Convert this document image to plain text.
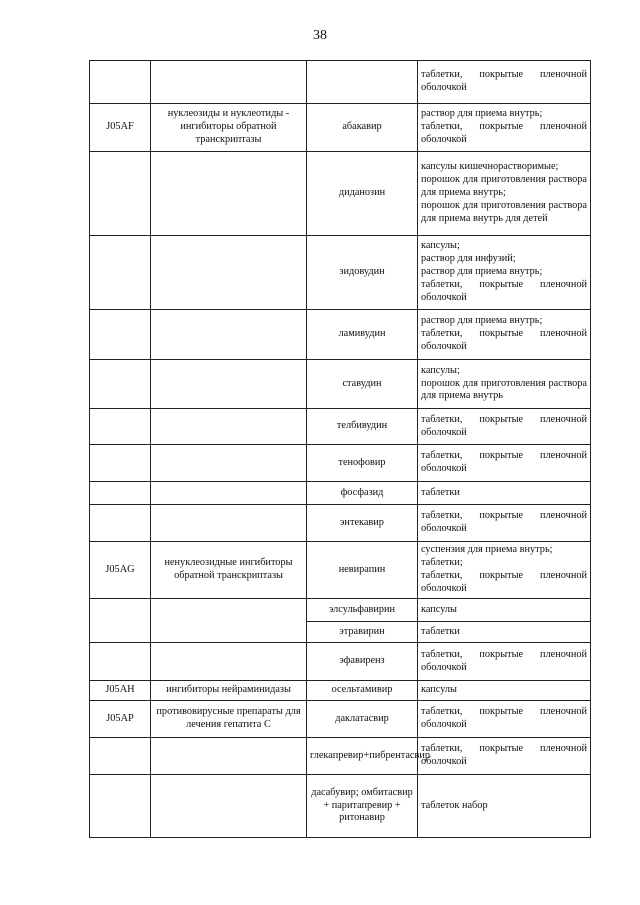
38

			таблетки, покрытые пленочной оболочкой

J05AF	нуклеозиды и нуклеотиды - ингибиторы обратной транскриптазы	абакавир	раствор для приема внутрь;
таблетки, покрытые пленочной оболочкой

		диданозин	капсулы кишечнорастворимые;
порошок для приготовления раствора для приема внутрь;
порошок для приготовления раствора для приема внутрь для детей

		зидовудин	капсулы;
раствор для инфузий;
раствор для приема внутрь;
таблетки, покрытые пленочной оболочкой

		ламивудин	раствор для приема внутрь;
таблетки, покрытые пленочной оболочкой

		ставудин	капсулы;
порошок для приготовления раствора для приема внутрь

		телбивудин	таблетки, покрытые пленочной оболочкой

		тенофовир	таблетки, покрытые пленочной оболочкой

		фосфазид	таблетки

		энтекавир	таблетки, покрытые пленочной оболочкой

J05AG	ненуклеозидные ингибиторы обратной транскриптазы	невирапин	суспензия для приема внутрь;
таблетки;
таблетки, покрытые пленочной оболочкой

		элсульфавирин	капсулы

		этравирин	таблетки

		эфавиренз	таблетки, покрытые пленочной оболочкой

J05AH	ингибиторы нейраминидазы	осельтамивир	капсулы

J05AP	противовирусные препараты для лечения гепатита С	даклатасвир	таблетки, покрытые пленочной оболочкой

		глекапревир+пибрентасвир	таблетки, покрытые пленочной оболочкой

		дасабувир; омбитасвир + паритапревир + ритонавир	таблеток набор
